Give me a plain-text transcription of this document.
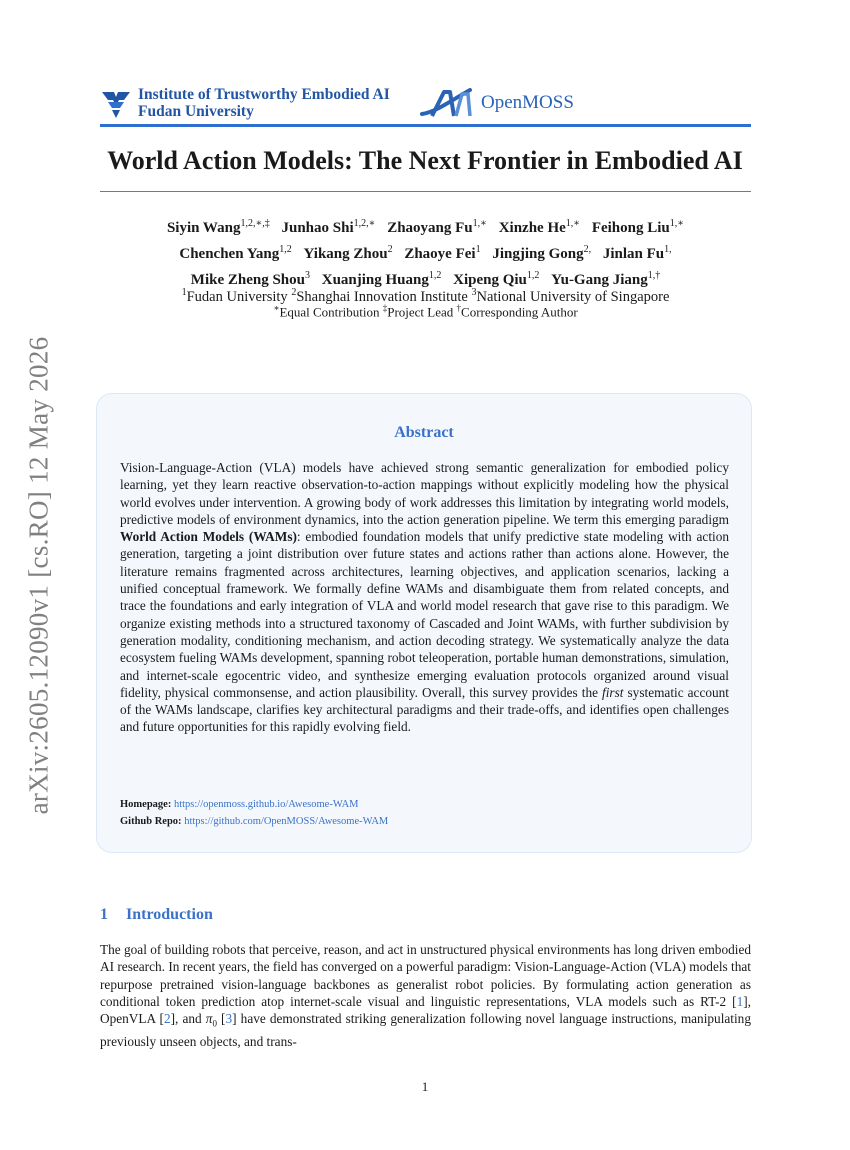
arXiv:2605.12090v1 [cs.RO] 12 May 2026
Institute of Trustworthy Embodied AI
Fudan University	OpenMOSS
World Action Models: The Next Frontier in Embodied AI
Siyin Wang$^{1,2,∗,\ddagger}$ Junhao Shi$^{1,2,∗}$ Zhaoyang $Fu^{1,∗}$ Xinzhe $He^{1,∗}$ Feihong Liu$^{1,∗}$
Chenchen Yang$^{1,2}$ Yikang Zhou$^2$ Zhaoye Fei$^1$ Jingjing Gong$^{2,}$ Jinlan $Fu^{1,}$
Mike Zheng Shou$^3$ Xuanjing Huang$^{1,2}$ Xipeng Qiu$^{1,2}$ Yu-Gang Jiang$^{1,\dagger}$
$^1$Fudan University $^2$Shanghai Innovation Institute $^3$National University of Singapore
∗Equal Contribution ‡Project Lead †Corresponding Author
Abstract
Vision-Language-Action (VLA) models have achieved strong semantic generalization for embodied policy learning, yet they learn reactive observation-to-action mappings without explicitly modeling how the physical world evolves under intervention. A growing body of work addresses this limitation by integrating world models, predictive models of environment dynamics, into the action generation pipeline. We term this emerging paradigm World Action Models (WAMs): embodied foundation models that unify predictive state modeling with action generation, targeting a joint distribution over future states and actions rather than actions alone. However, the literature remains fragmented across architectures, learning objectives, and application scenarios, lacking a unified conceptual framework. We formally define WAMs and disambiguate them from related concepts, and trace the foundations and early integration of VLA and world model research that gave rise to this paradigm. We organize existing methods into a structured taxonomy of Cascaded and Joint WAMs, with further subdivision by generation modality, conditioning mechanism, and action decoding strategy. We systematically analyze the data ecosystem fueling WAMs development, spanning robot teleoperation, portable human demonstrations, simulation, and internet-scale egocentric video, and synthesize emerging evaluation protocols organized around visual fidelity, physical commonsense, and action plausibility. Overall, this survey provides the first systematic account of the WAMs landscape, clarifies key architectural paradigms and their trade-offs, and identifies open challenges and future opportunities for this rapidly evolving field.
Homepage: https://openmoss.github.io/Awesome-WAM
Github Repo: https://github.com/OpenMOSS/Awesome-WAM
1 Introduction
The goal of building robots that perceive, reason, and act in unstructured physical environments has long driven embodied AI research. In recent years, the field has converged on a powerful paradigm: Vision-Language-Action (VLA) models that repurpose pretrained vision-language backbones as generalist robot policies. By formulating action generation as conditional token prediction atop internet-scale visual and linguistic representations, VLA models such as RT-2 [1], OpenVLA [2], and $\pi_0$ [3] have demonstrated striking generalization following novel language instructions, manipulating previously unseen objects, and trans-
1
